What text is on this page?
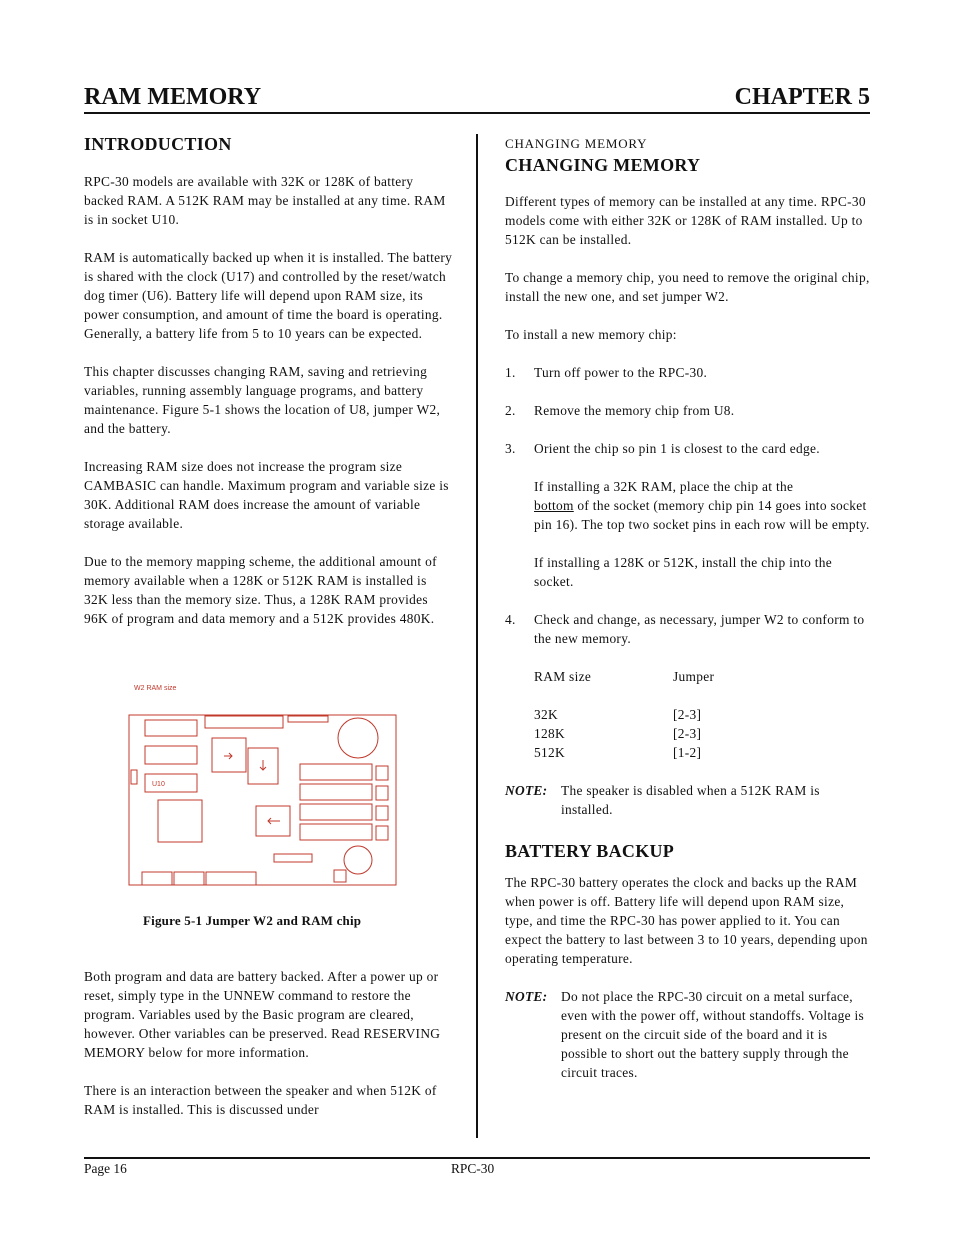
RAM MEMORY	CHAPTER 5
INTRODUCTION

RPC-30 models are available with 32K or 128K of battery backed RAM. A 512K RAM may be installed at any time. RAM is in socket U10.

RAM is automatically backed up when it is installed. The battery is shared with the clock (U17) and controlled by the reset/watch dog timer (U6). Battery life will depend upon RAM size, its power consumption, and amount of time the board is operating. Generally, a battery life from 5 to 10 years can be expected.

This chapter discusses changing RAM, saving and retrieving variables, running assembly language programs, and battery maintenance. Figure 5-1 shows the location of U8, jumper W2, and the battery.

Increasing RAM size does not increase the program size CAMBASIC can handle. Maximum program and variable size is 30K. Additional RAM does increase the amount of variable storage available.

Due to the memory mapping scheme, the additional amount of memory available when a 128K or 512K RAM is installed is 32K less than the memory size. Thus, a 128K RAM provides 96K of program and data memory and a 512K provides 480K.

W2 RAM size
U10
Figure 5-1 Jumper W2 and RAM chip

Both program and data are battery backed. After a power up or reset, simply type in the UNNEW command to restore the program. Variables used by the Basic program are cleared, however. Other variables can be preserved. Read RESERVING MEMORY below for more information.

There is an interaction between the speaker and when 512K of RAM is installed. This is discussed under

CHANGING MEMORY
CHANGING MEMORY

Different types of memory can be installed at any time. RPC-30 models come with either 32K or 128K of RAM installed. Up to 512K can be installed.

To change a memory chip, you need to remove the original chip, install the new one, and set jumper W2.

To install a new memory chip:

1. Turn off power to the RPC-30.
2. Remove the memory chip from U8.
3. Orient the chip so pin 1 is closest to the card edge.

If installing a 32K RAM, place the chip at the
bottom of the socket (memory chip pin 14 goes into socket pin 16). The top two socket pins in each row will be empty.

If installing a 128K or 512K, install the chip into the socket.

4. Check and change, as necessary, jumper W2 to conform to the new memory.
RAM size	Jumper
32K	[2-3]
128K	[2-3]
512K	[1-2]
NOTE: The speaker is disabled when a 512K RAM is installed.
BATTERY BACKUP

The RPC-30 battery operates the clock and backs up the RAM when power is off. Battery life will depend upon RAM size, type, and time the RPC-30 has power applied to it. You can expect the battery to last between 3 to 10 years, depending upon operating temperature.

NOTE: Do not place the RPC-30 circuit on a metal surface, even with the power off, without standoffs. Voltage is present on the circuit side of the board and it is possible to short out the battery supply through the circuit traces.
Page 16	RPC-30
